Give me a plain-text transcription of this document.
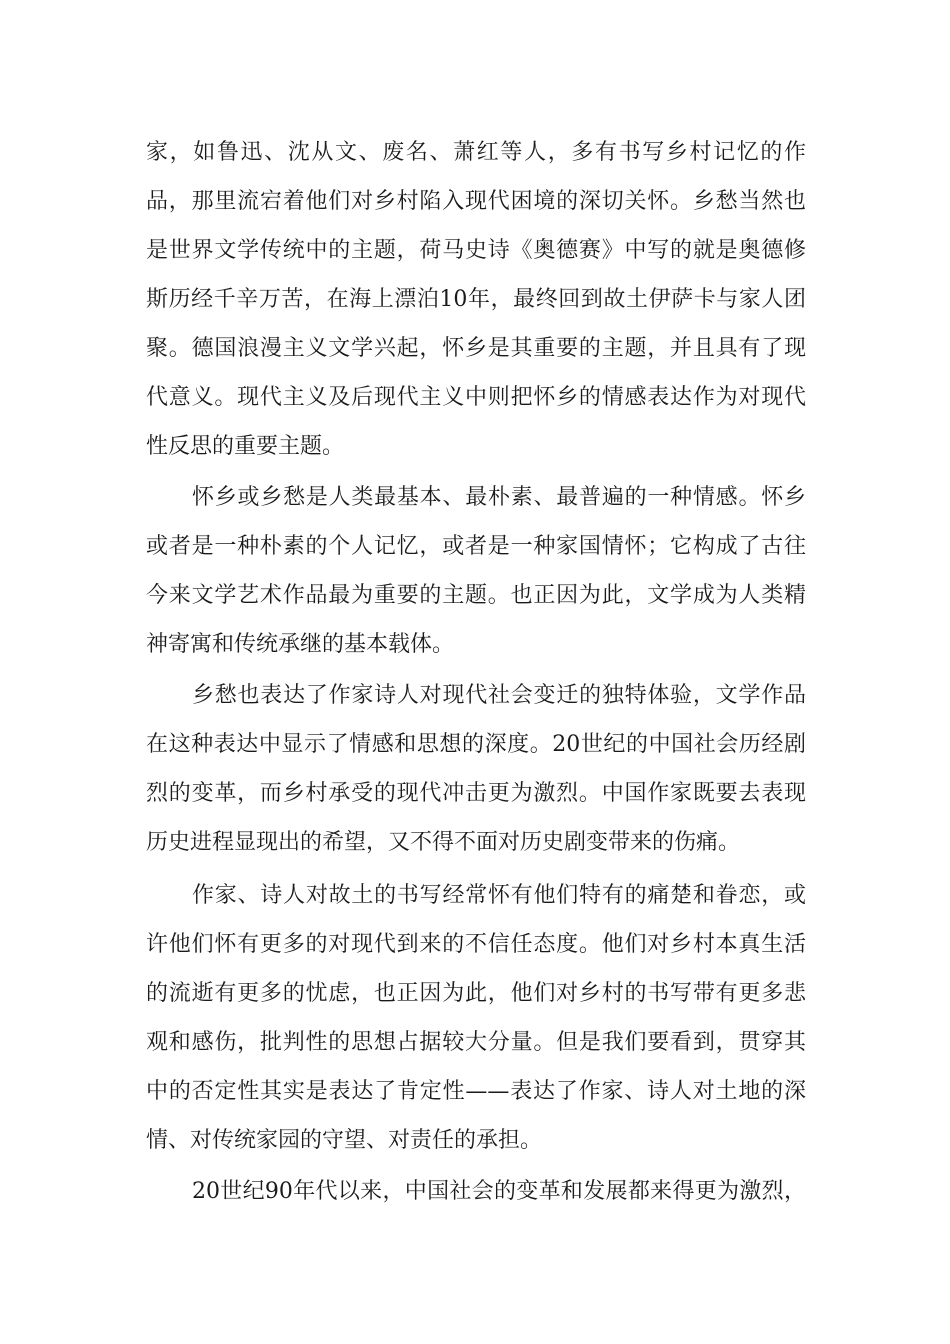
家，如鲁迅、沈从文、废名、萧红等人，多有书写乡村记忆的作
品，那里流宕着他们对乡村陷入现代困境的深切关怀。乡愁当然也
是世界文学传统中的主题，荷马史诗《奥德赛》中写的就是奥德修
斯历经千辛万苦，在海上漂泊10年，最终回到故土伊萨卡与家人团
聚。德国浪漫主义文学兴起，怀乡是其重要的主题，并且具有了现
代意义。现代主义及后现代主义中则把怀乡的情感表达作为对现代
性反思的重要主题。
怀乡或乡愁是人类最基本、最朴素、最普遍的一种情感。怀乡
或者是一种朴素的个人记忆，或者是一种家国情怀；它构成了古往
今来文学艺术作品最为重要的主题。也正因为此，文学成为人类精
神寄寓和传统承继的基本载体。
乡愁也表达了作家诗人对现代社会变迁的独特体验，文学作品
在这种表达中显示了情感和思想的深度。20世纪的中国社会历经剧
烈的变革，而乡村承受的现代冲击更为激烈。中国作家既要去表现
历史进程显现出的希望，又不得不面对历史剧变带来的伤痛。
作家、诗人对故土的书写经常怀有他们特有的痛楚和眷恋，或
许他们怀有更多的对现代到来的不信任态度。他们对乡村本真生活
的流逝有更多的忧虑，也正因为此，他们对乡村的书写带有更多悲
观和感伤，批判性的思想占据较大分量。但是我们要看到，贯穿其
中的否定性其实是表达了肯定性——表达了作家、诗人对土地的深
情、对传统家园的守望、对责任的承担。
20世纪90年代以来，中国社会的变革和发展都来得更为激烈，
